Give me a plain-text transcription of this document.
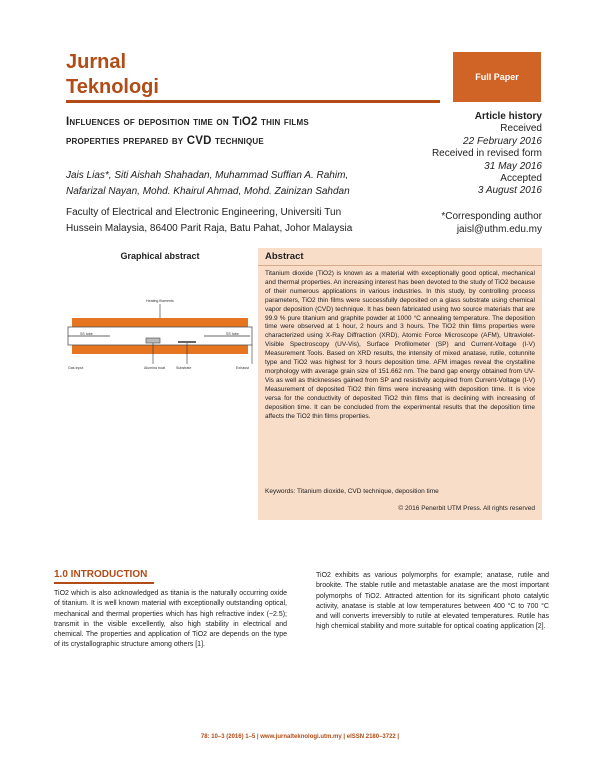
Jurnal
Teknologi	Full Paper
Influences of deposition time on TiO2 thin films
properties prepared by CVD technique
Article history
Received
22 February 2016
Received in revised form
31 May 2016
Accepted
3 August 2016
Jais Lias*, Siti Aishah Shahadan, Muhammad Suffian A. Rahim,
Nafarizal Nayan, Mohd. Khairul Ahmad, Mohd. Zainizan Sahdan
Faculty of Electrical and Electronic Engineering, Universiti Tun
Hussein Malaysia, 86400 Parit Raja, Batu Pahat, Johor Malaysia
*Corresponding author
jaisl@uthm.edu.my
Graphical abstract
Heating filaments
SS tube	SS tube
Gas input	Alumina boat	Substrate	Exhaust
Abstract
Titanium dioxide (TiO2) is known as a material with exceptionally good optical, mechanical and thermal properties. An increasing interest has been devoted to the study of TiO2 because of their numerous applications in various industries. In this study, by controlling process parameters, TiO2 thin films were successfully deposited on a glass substrate using chemical vapor deposition (CVD) technique. It has been fabricated using two source materials that are 99.9 % pure titanium and graphite powder at 1000 °C annealing temperature. The deposition time were observed at 1 hour, 2 hours and 3 hours. The TiO2 thin films properties were characterized using X-Ray Diffraction (XRD), Atomic Force Microscope (AFM), Ultraviolet-Visible Spectroscopy (UV-Vis), Surface Profilometer (SP) and Current-Voltage (I-V) Measurement Tools. Based on XRD results, the intensity of mixed anatase, rutile, cotunnite type and TiO2 was highest for 3 hours deposition time. AFM images reveal the crystalline morphology with average grain size of 151.662 nm. The band gap energy obtained from UV-Vis as well as thicknesses gained from SP and resistivity acquired from Current-Voltage (I-V) Measurement of deposited TiO2 thin films were increasing with deposition time. It is vice versa for the conductivity of deposited TiO2 thin films that is declining with increasing of deposition time. It can be concluded from the experimental results that the deposition time affects the TiO2 thin films properties.
Keywords: Titanium dioxide, CVD technique, deposition time
© 2016 Penerbit UTM Press. All rights reserved
1.0 INTRODUCTION
TiO2 which is also acknowledged as titania is the naturally occurring oxide of titanium. It is well known material with exceptionally outstanding optical, mechanical and thermal properties which has high refractive index (~2.5); transmit in the visible excellently, also high stability in electrical and chemical. The properties and application of TiO2 are depends on the type of its crystallographic structure among others [1].
TiO2 exhibits as various polymorphs for example; anatase, rutile and brookite. The stable rutile and metastable anatase are the most important polymorphs of TiO2. Attracted attention for its significant photo catalytic activity, anatase is stable at low temperatures between 400 °C to 700 °C and will converts irreversibly to rutile at elevated temperatures. Rutile has high chemical stability and more suitable for optical coating application [2].
78: 10–3 (2016) 1–5 | www.jurnalteknologi.utm.my | eISSN 2180–3722 |
